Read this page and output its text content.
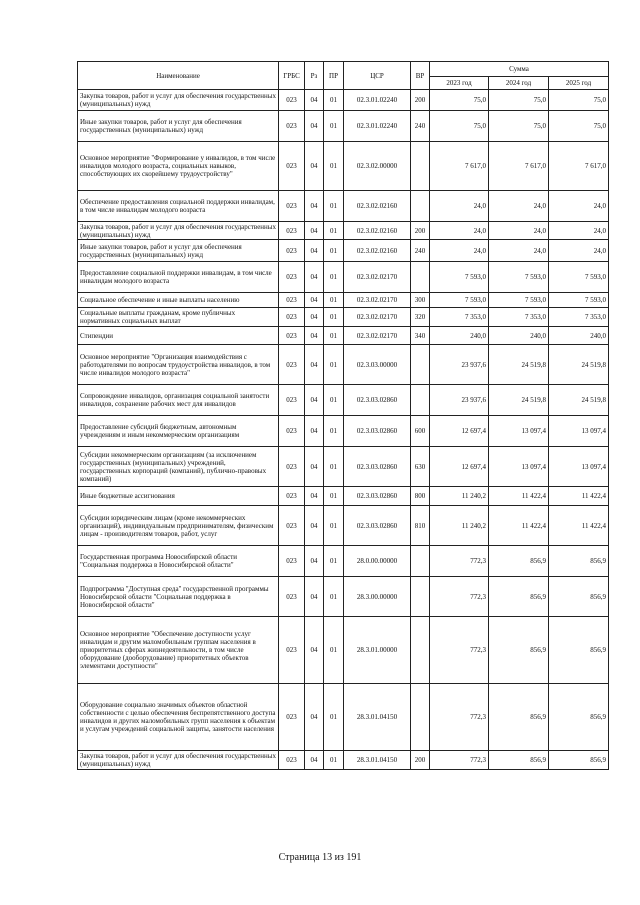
Наименование	ГРБС	Рз	ПР	ЦСР	ВР	Сумма		
						2023 год	2024 год	2025 год
Закупка товаров, работ и услуг для обеспечения государственных (муниципальных) нужд	023	04	01	02.3.01.02240	200	75,0	75,0	75,0
Иные закупки товаров, работ и услуг для обеспечения государственных (муниципальных) нужд	023	04	01	02.3.01.02240	240	75,0	75,0	75,0
Основное мероприятие "Формирование у инвалидов, в том числе инвалидов молодого возраста, социальных навыков, способствующих их скорейшему трудоустройству"	023	04	01	02.3.02.00000		7 617,0	7 617,0	7 617,0
Обеспечение предоставления социальной поддержки инвалидам, в том числе инвалидам молодого возраста	023	04	01	02.3.02.02160		24,0	24,0	24,0
Закупка товаров, работ и услуг для обеспечения государственных (муниципальных) нужд	023	04	01	02.3.02.02160	200	24,0	24,0	24,0
Иные закупки товаров, работ и услуг для обеспечения государственных (муниципальных) нужд	023	04	01	02.3.02.02160	240	24,0	24,0	24,0
Предоставление социальной поддержки инвалидам, в том числе инвалидам молодого возраста	023	04	01	02.3.02.02170		7 593,0	7 593,0	7 593,0
Социальное обеспечение и иные выплаты населению	023	04	01	02.3.02.02170	300	7 593,0	7 593,0	7 593,0
Социальные выплаты гражданам, кроме публичных нормативных социальных выплат	023	04	01	02.3.02.02170	320	7 353,0	7 353,0	7 353,0
Стипендии	023	04	01	02.3.02.02170	340	240,0	240,0	240,0
Основное мероприятие "Организация взаимодействия с работодателями по вопросам трудоустройства инвалидов, в том числе инвалидов молодого возраста"	023	04	01	02.3.03.00000		23 937,6	24 519,8	24 519,8
Сопровождение инвалидов, организация социальной занятости инвалидов, сохранение рабочих мест для инвалидов	023	04	01	02.3.03.02860		23 937,6	24 519,8	24 519,8
Предоставление субсидий бюджетным, автономным учреждениям и иным некоммерческим организациям	023	04	01	02.3.03.02860	600	12 697,4	13 097,4	13 097,4
Субсидии некоммерческим организациям (за исключением государственных (муниципальных) учреждений, государственных корпораций (компаний), публично-правовых компаний)	023	04	01	02.3.03.02860	630	12 697,4	13 097,4	13 097,4
Иные бюджетные ассигнования	023	04	01	02.3.03.02860	800	11 240,2	11 422,4	11 422,4
Субсидии юридическим лицам (кроме некоммерческих организаций), индивидуальным предпринимателям, физическим лицам - производителям товаров, работ, услуг	023	04	01	02.3.03.02860	810	11 240,2	11 422,4	11 422,4
Государственная программа Новосибирской области "Социальная поддержка в Новосибирской области"	023	04	01	28.0.00.00000		772,3	856,9	856,9
Подпрограмма "Доступная среда" государственной программы Новосибирской области "Социальная поддержка в Новосибирской области"	023	04	01	28.3.00.00000		772,3	856,9	856,9
Основное мероприятие "Обеспечение доступности услуг инвалидам и другим маломобильным группам населения в приоритетных сферах жизнедеятельности, в том числе оборудование (дооборудование) приоритетных объектов элементами доступности"	023	04	01	28.3.01.00000		772,3	856,9	856,9
Оборудование социально значимых объектов областной собственности с целью обеспечения беспрепятственного доступа инвалидов и других маломобильных групп населения к объектам и услугам учреждений социальной защиты, занятости населения	023	04	01	28.3.01.04150		772,3	856,9	856,9
Закупка товаров, работ и услуг для обеспечения государственных (муниципальных) нужд	023	04	01	28.3.01.04150	200	772,3	856,9	856,9
Страница 13 из 191
